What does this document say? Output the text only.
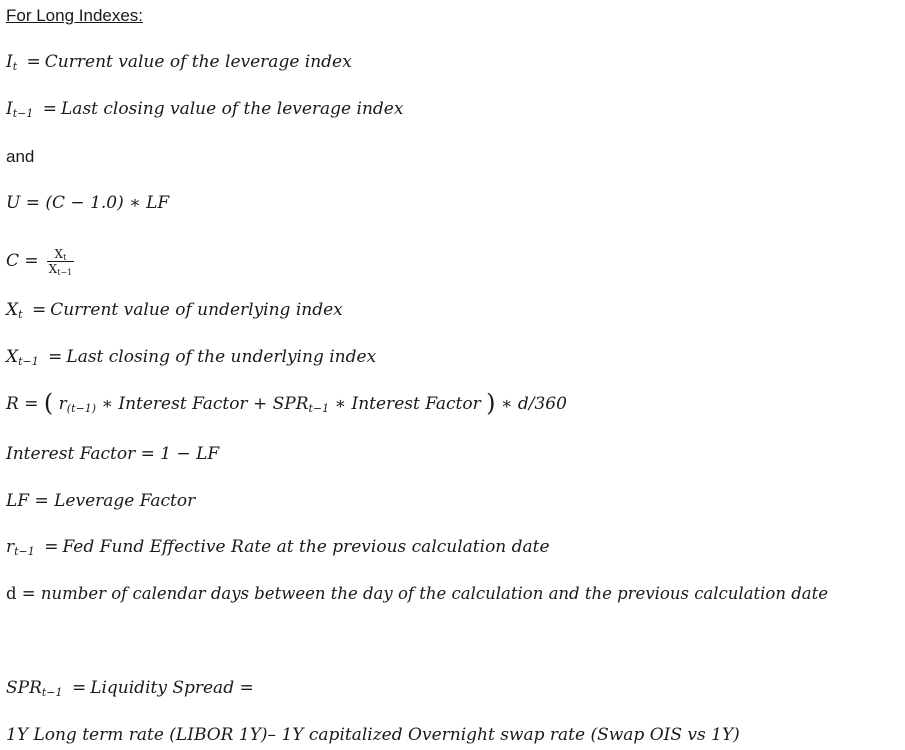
For Long Indexes:
$I_t$ = Current value of the leverage index
$I_{t-1}$ = Last closing value of the leverage index
and
U = (C − 1.0) ∗ LF
$C = \frac{X_t}{X_{t-1}}$
$X_t$ = Current value of underlying index
$X_{t-1}$ = Last closing of the underlying index
R = ( $r_{(t-1)}$ ∗ Interest Factor + $SPR_{t-1}$ ∗ Interest Factor ) ∗ d/360
Interest Factor = 1 − LF
LF = Leverage Factor
$r_{t-1}$ = Fed Fund Effective Rate at the previous calculation date
d = number of calendar days between the day of the calculation and the previous calculation date
$SPR_{t-1}$ = Liquidity Spread =
1Y Long term rate (LIBOR 1Y)– 1Y capitalized Overnight swap rate (Swap OIS vs 1Y)
